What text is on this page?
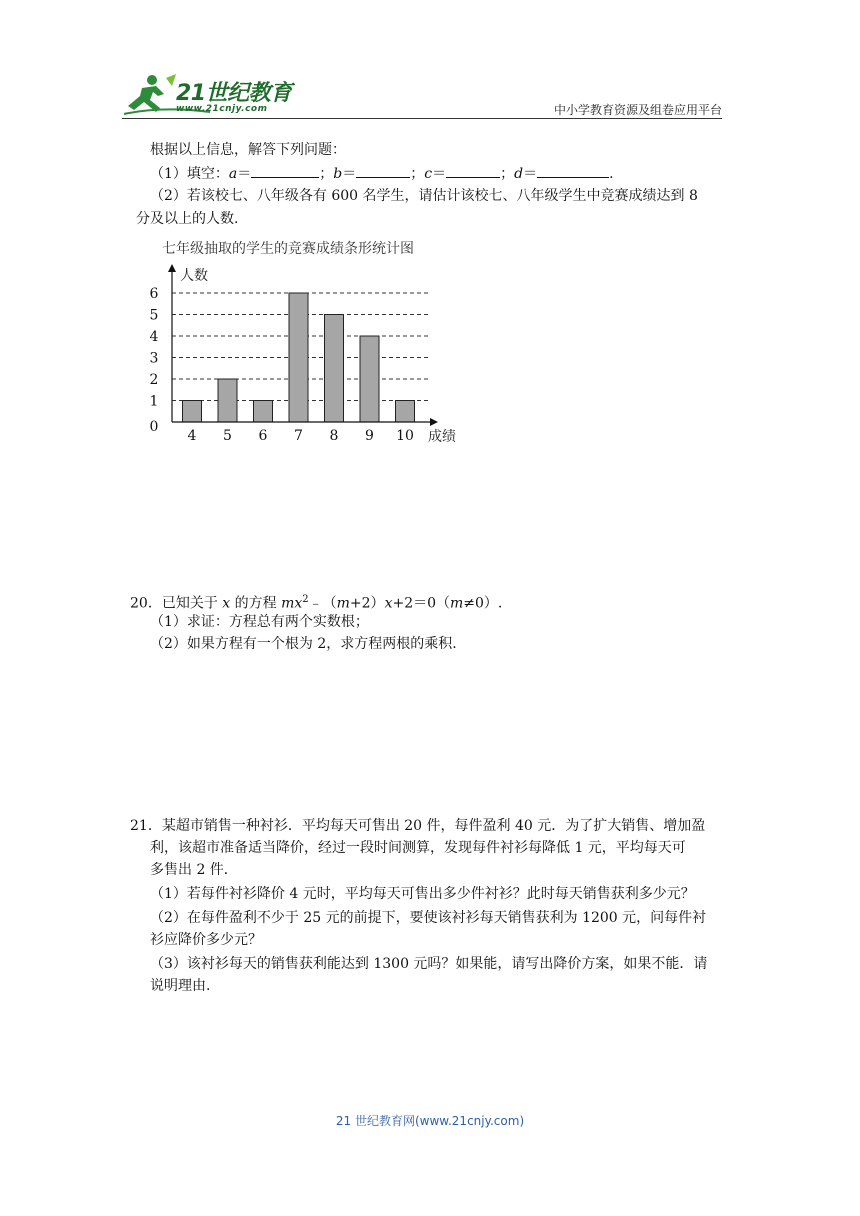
21世纪教育
www.21cnjy.com	中小学教育资源及组卷应用平台
根据以上信息，解答下列问题：
（1）填空：a＝	；b＝	；c＝	；d＝	.
（2）若该校七、八年级各有 600 名学生，请估计该校七、八年级学生中竞赛成绩达到 8
分及以上的人数.
七年级抽取的学生的竞赛成绩条形统计图
0
1
2
3
4
5
6
4 5 6 7 8 9 10
人数
成绩
20．已知关于 x 的方程 $mx^2﹣(m+2)x+2=0(m\ne 0)$.
（1）求证：方程总有两个实数根；
（2）如果方程有一个根为 2，求方程两根的乘积.
21．某超市销售一种衬衫．平均每天可售出 20 件，每件盈利 40 元．为了扩大销售、增加盈
利，该超市准备适当降价，经过一段时间测算，发现每件衬衫每降低 1 元，平均每天可
多售出 2 件．
（1）若每件衬衫降价 4 元时，平均每天可售出多少件衬衫？此时每天销售获利多少元？
（2）在每件盈利不少于 25 元的前提下，要使该衬衫每天销售获利为 1200 元，问每件衬
衫应降价多少元？
（3）该衬衫每天的销售获利能达到 1300 元吗？如果能，请写出降价方案，如果不能．请
说明理由.
21 世纪教育网(www.21cnjy.com)
